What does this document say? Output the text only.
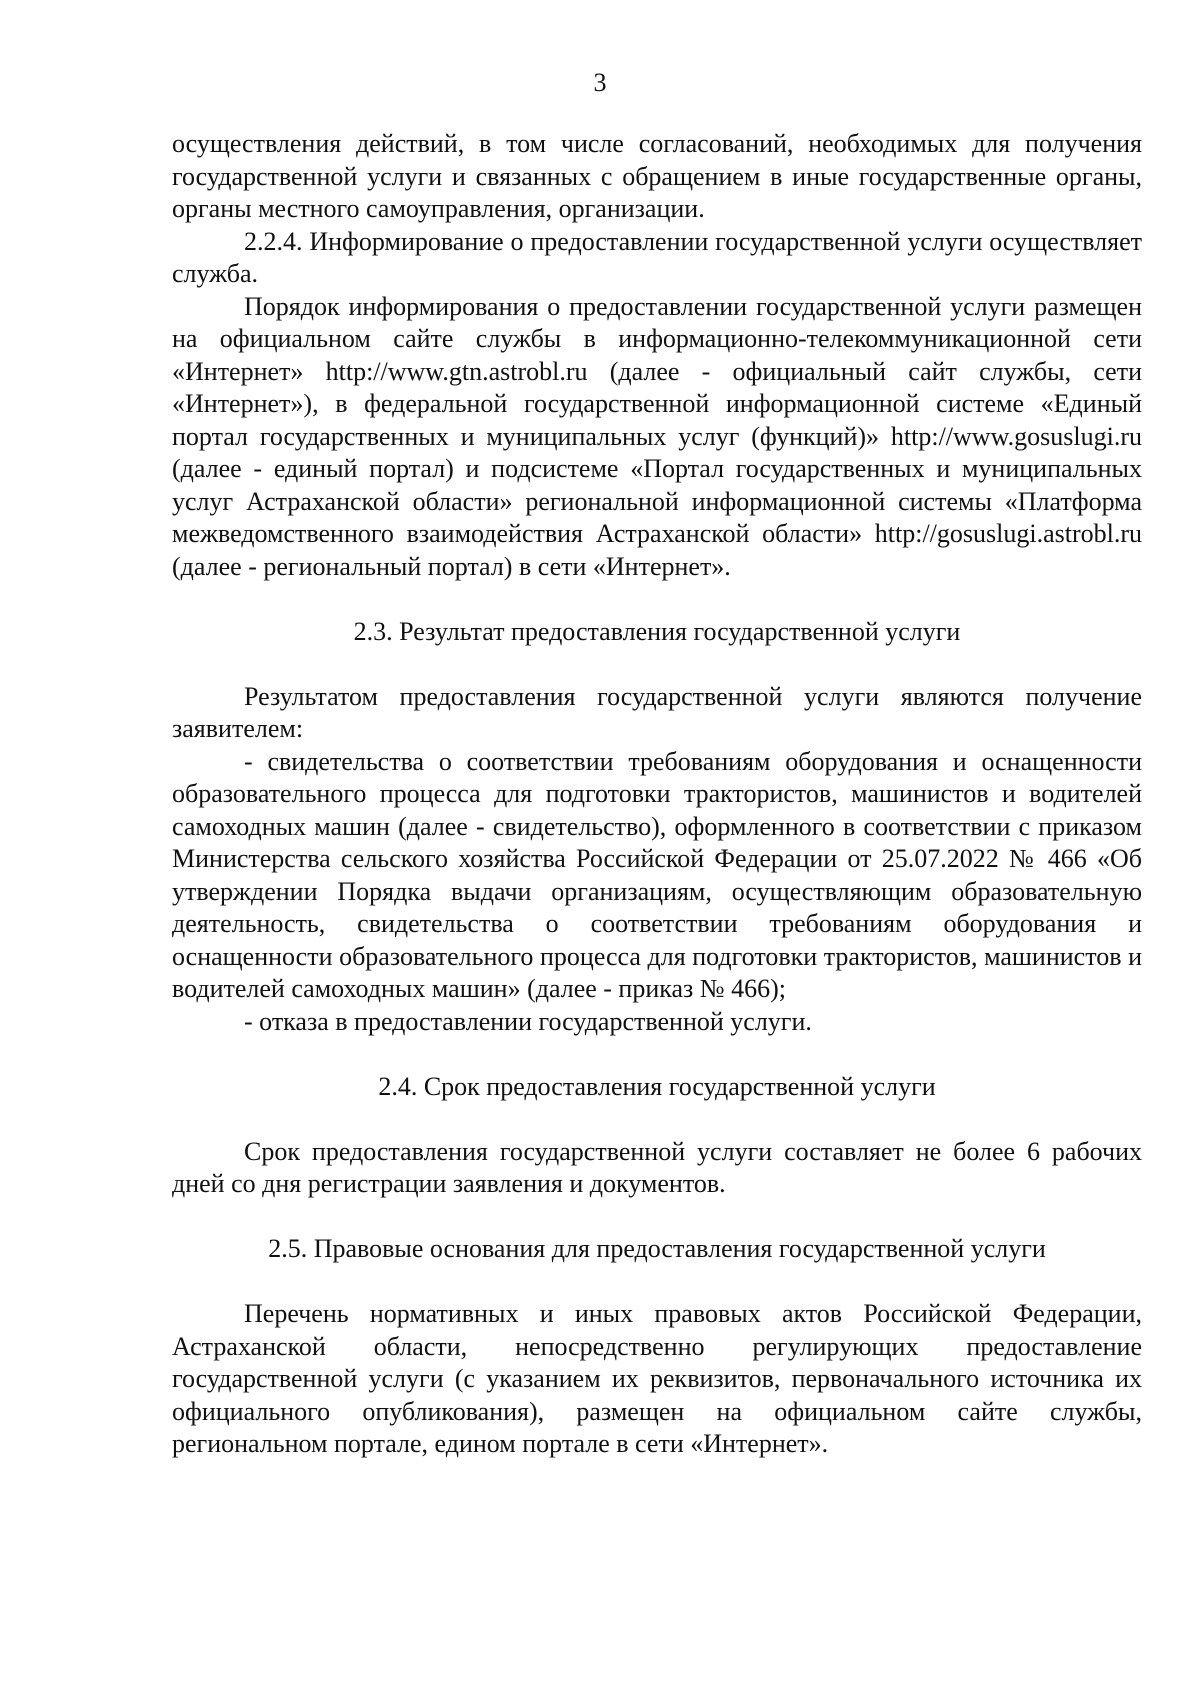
3

осуществления действий, в том числе согласований, необходимых для получения государственной услуги и связанных с обращением в иные государственные органы, органы местного самоуправления, организации.

2.2.4. Информирование о предоставлении государственной услуги осуществляет служба.

Порядок информирования о предоставлении государственной услуги размещен на официальном сайте службы в информационно-телекоммуникационной сети «Интернет» http://www.gtn.astrobl.ru (далее - официальный сайт службы, сети «Интернет»), в федеральной государственной информационной системе «Единый портал государственных и муниципальных услуг (функций)» http://www.gosuslugi.ru (далее - единый портал) и подсистеме «Портал государственных и муниципальных услуг Астраханской области» региональной информационной системы «Платформа межведомственного взаимодействия Астраханской области» http://gosuslugi.astrobl.ru (далее - региональный портал) в сети «Интернет».

2.3. Результат предоставления государственной услуги

Результатом предоставления государственной услуги являются получение заявителем:

- свидетельства о соответствии требованиям оборудования и оснащенности образовательного процесса для подготовки трактористов, машинистов и водителей самоходных машин (далее - свидетельство), оформленного в соответствии с приказом Министерства сельского хозяйства Российской Федерации от 25.07.2022 № 466 «Об утверждении Порядка выдачи организациям, осуществляющим образовательную деятельность, свидетельства о соответствии требованиям оборудования и оснащенности образовательного процесса для подготовки трактористов, машинистов и водителей самоходных машин» (далее - приказ № 466);

- отказа в предоставлении государственной услуги.

2.4. Срок предоставления государственной услуги

Срок предоставления государственной услуги составляет не более 6 рабочих дней со дня регистрации заявления и документов.

2.5. Правовые основания для предоставления государственной услуги

Перечень нормативных и иных правовых актов Российской Федерации, Астраханской области, непосредственно регулирующих предоставление государственной услуги (с указанием их реквизитов, первоначального источника их официального опубликования), размещен на официальном сайте службы, региональном портале, едином портале в сети «Интернет».
